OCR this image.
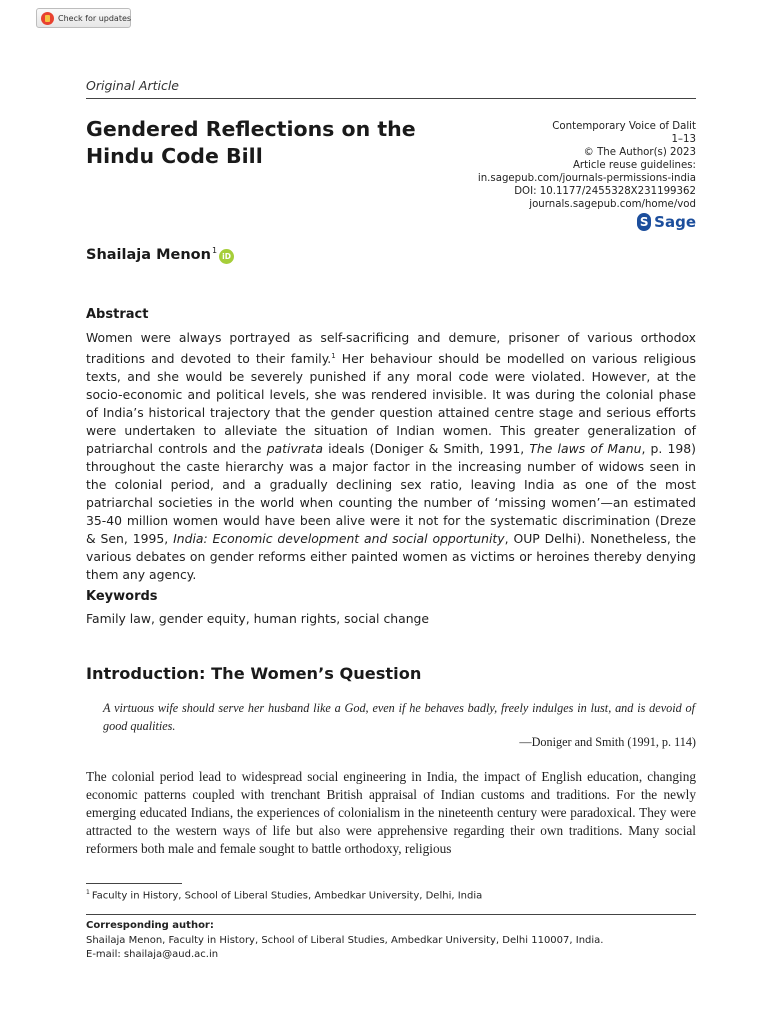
Check for updates
Original Article
Gendered Reflections on the Hindu Code Bill
Contemporary Voice of Dalit
1–13
© The Author(s) 2023
Article reuse guidelines:
in.sagepub.com/journals-permissions-india
DOI: 10.1177/2455328X231199362
journals.sagepub.com/home/vod
S Sage
Shailaja Menon$^1$
iD
Abstract

Women were always portrayed as self-sacrificing and demure, prisoner of various orthodox traditions and devoted to their family.$^1$ Her behaviour should be modelled on various religious texts, and she would be severely punished if any moral code were violated. However, at the socio-economic and political levels, she was rendered invisible. It was during the colonial phase of India’s historical trajectory that the gender question attained centre stage and serious efforts were undertaken to alleviate the situation of Indian women. This greater generalization of patriarchal controls and the pativrata ideals (Doniger & Smith, 1991, The laws of Manu, p. 198) throughout the caste hierarchy was a major factor in the increasing number of widows seen in the colonial period, and a gradually declining sex ratio, leaving India as one of the most patriarchal societies in the world when counting the number of ‘missing women’—an estimated 35-40 million women would have been alive were it not for the systematic discrimination (Dreze & Sen, 1995, India: Economic development and social opportunity, OUP Delhi). Nonetheless, the various debates on gender reforms either painted women as victims or heroines thereby denying them any agency.

Keywords

Family law, gender equity, human rights, social change

Introduction: The Women’s Question

A virtuous wife should serve her husband like a God, even if he behaves badly, freely indulges in lust, and is devoid of good qualities.

—Doniger and Smith (1991, p. 114)

The colonial period lead to widespread social engineering in India, the impact of English education, changing economic patterns coupled with trenchant British appraisal of Indian customs and traditions. For the newly emerging educated Indians, the experiences of colonialism in the nineteenth century were paradoxical. They were attracted to the western ways of life but also were apprehensive regarding their own traditions. Many social reformers both male and female sought to battle orthodoxy, religious

$^1$ Faculty in History, School of Liberal Studies, Ambedkar University, Delhi, India

Corresponding author:
Shailaja Menon, Faculty in History, School of Liberal Studies, Ambedkar University, Delhi 110007, India.
E-mail: shailaja@aud.ac.in
